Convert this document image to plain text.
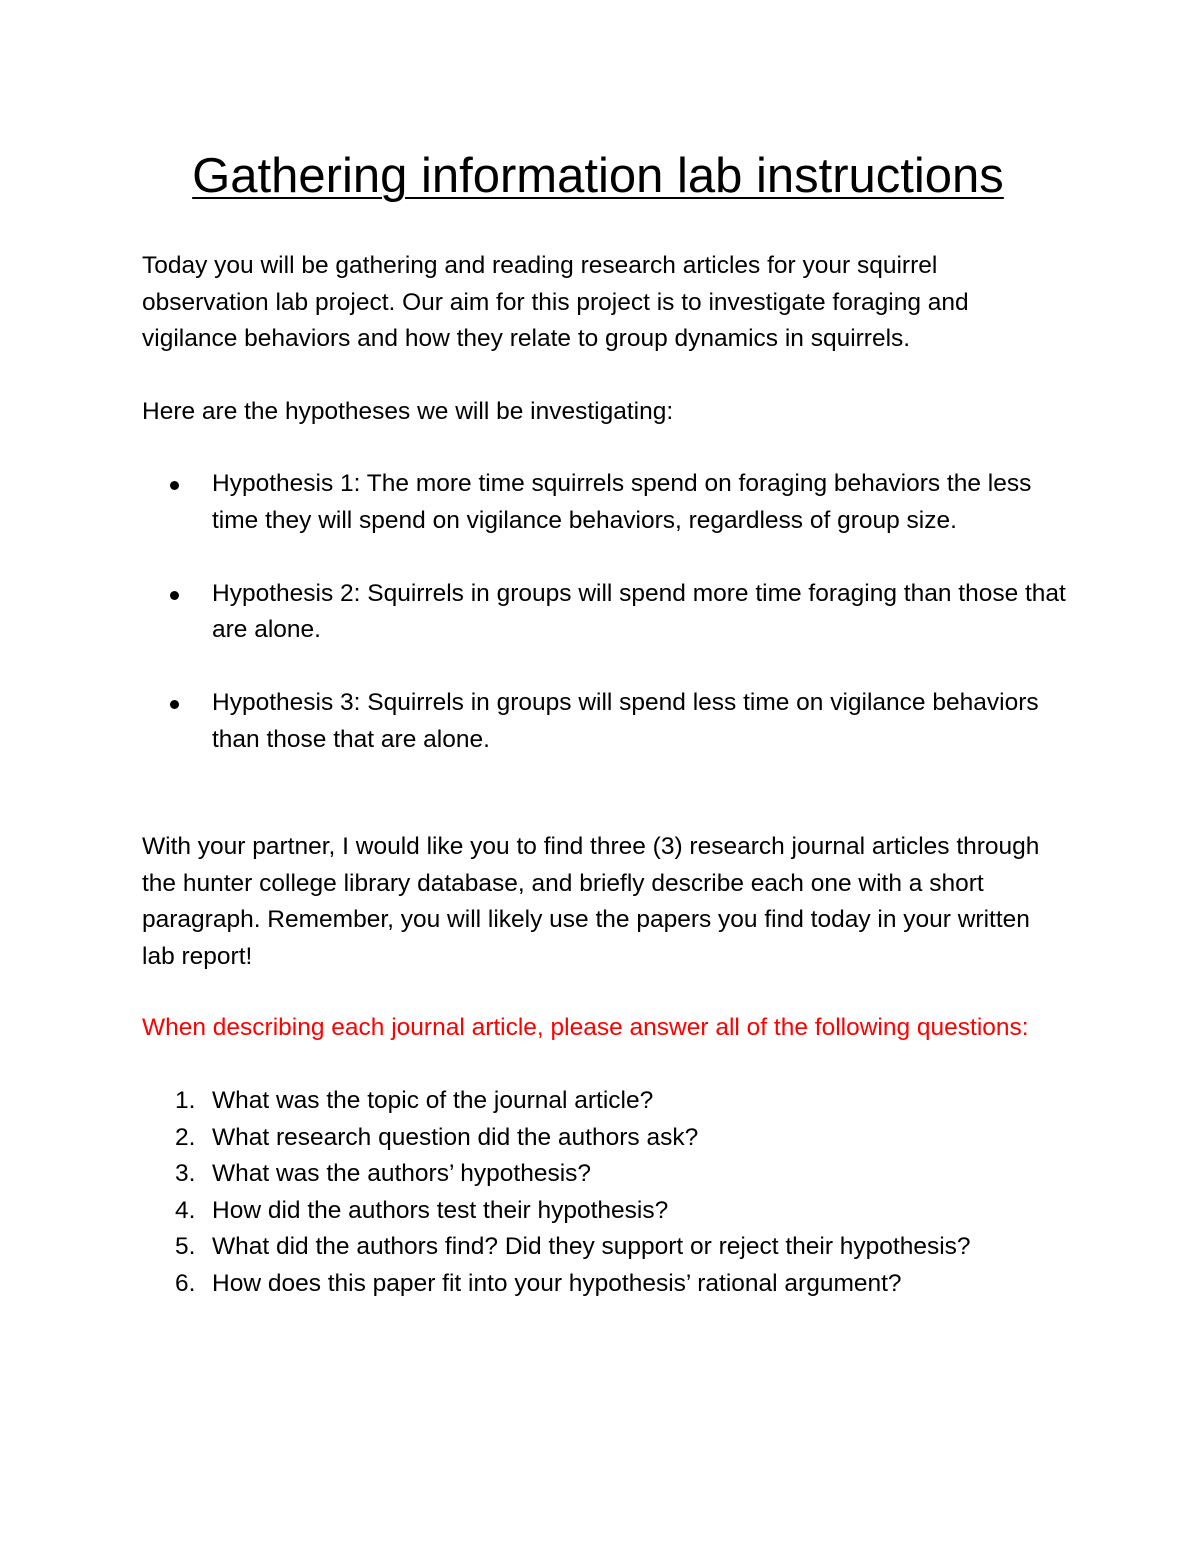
Gathering information lab instructions

Today you will be gathering and reading research articles for your squirrel observation lab project. Our aim for this project is to investigate foraging and vigilance behaviors and how they relate to group dynamics in squirrels.

Here are the hypotheses we will be investigating:

Hypothesis 1: The more time squirrels spend on foraging behaviors the less time they will spend on vigilance behaviors, regardless of group size.
Hypothesis 2: Squirrels in groups will spend more time foraging than those that are alone.
Hypothesis 3: Squirrels in groups will spend less time on vigilance behaviors than those that are alone.

With your partner, I would like you to find three (3) research journal articles through the hunter college library database, and briefly describe each one with a short paragraph. Remember, you will likely use the papers you find today in your written lab report!

When describing each journal article, please answer all of the following questions:

1. What was the topic of the journal article?
2. What research question did the authors ask?
3. What was the authors’ hypothesis?
4. How did the authors test their hypothesis?
5. What did the authors find? Did they support or reject their hypothesis?
6. How does this paper fit into your hypothesis’ rational argument?
